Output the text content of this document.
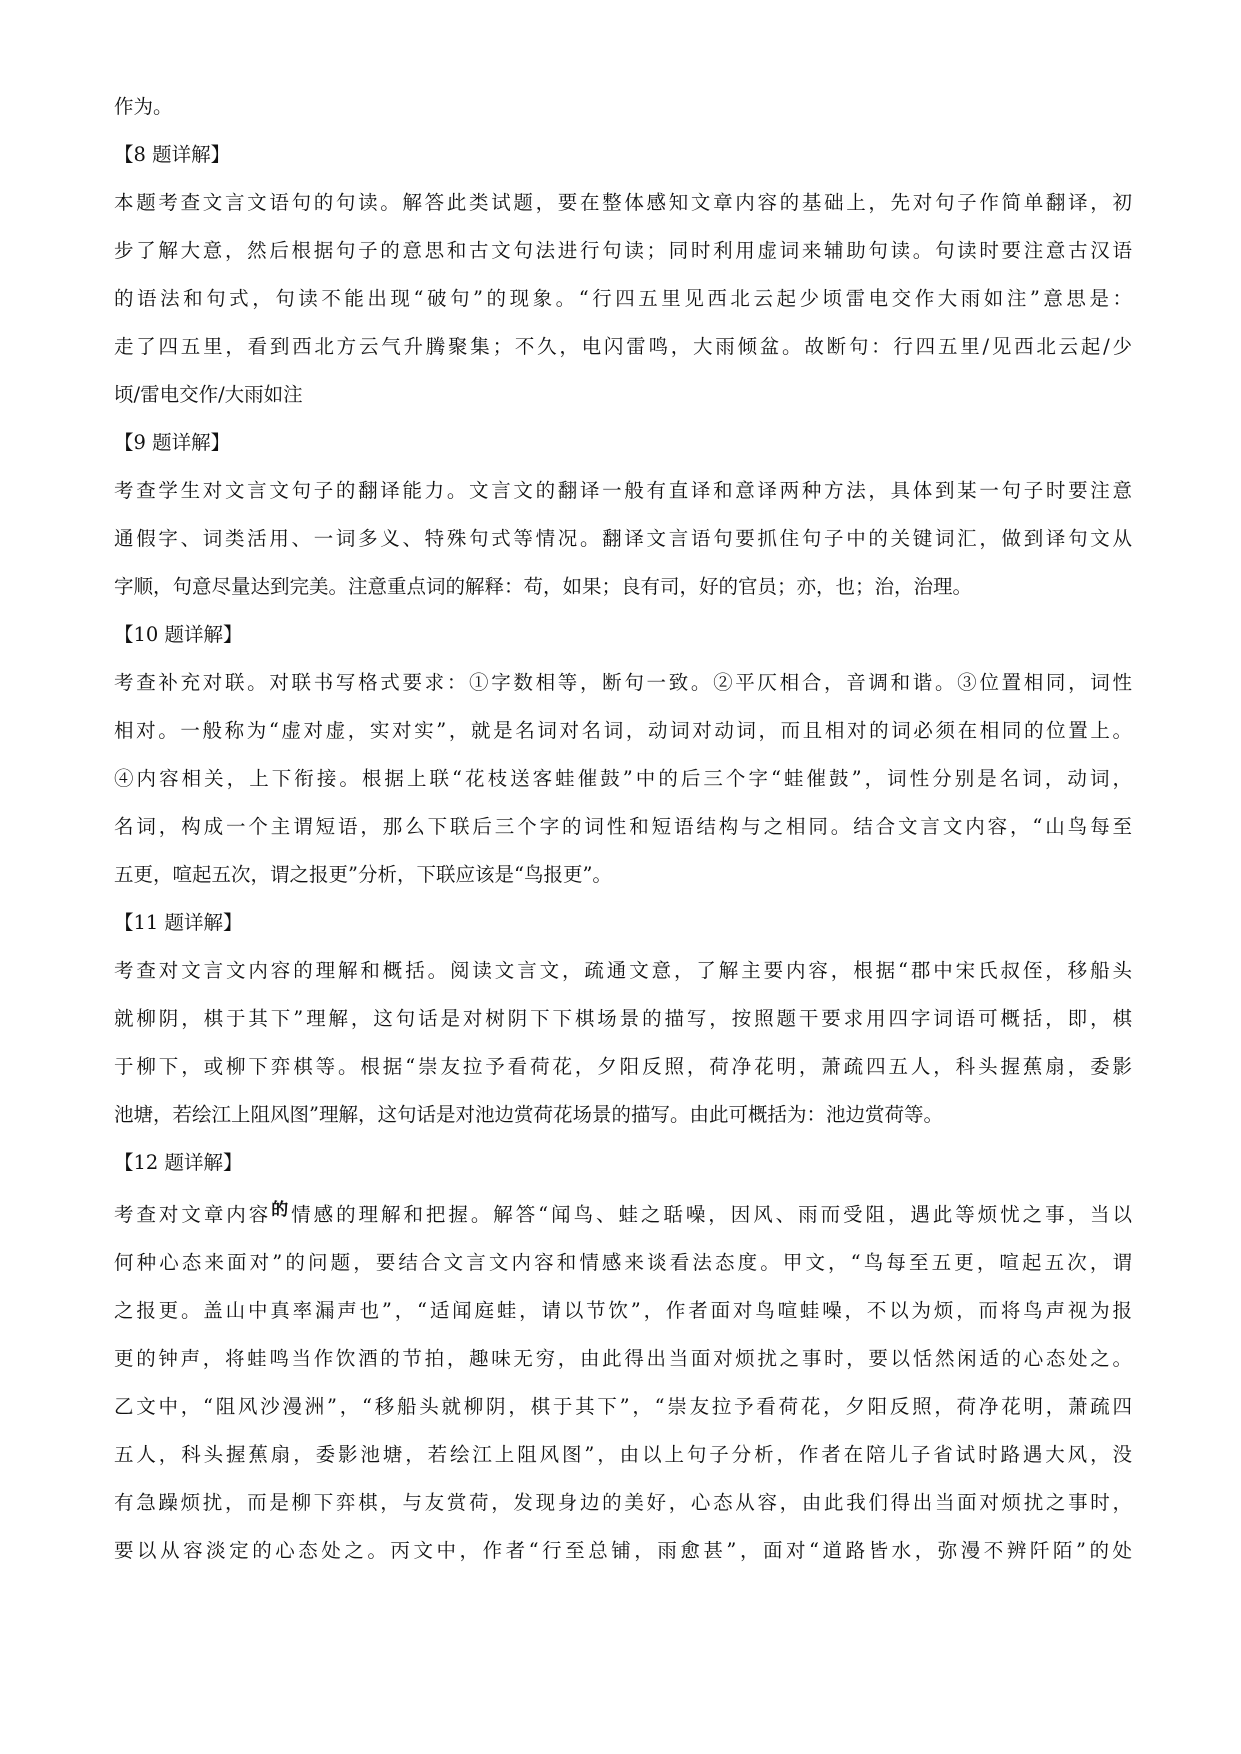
作为。
【8 题详解】
本题考查文言文语句的句读。解答此类试题，要在整体感知文章内容的基础上，先对句子作简单翻译，初
步了解大意，然后根据句子的意思和古文句法进行句读；同时利用虚词来辅助句读。句读时要注意古汉语
的语法和句式，句读不能出现“破句”的现象。“行四五里见西北云起少顷雷电交作大雨如注”意思是：
走了四五里，看到西北方云气升腾聚集；不久，电闪雷鸣，大雨倾盆。故断句：行四五里/见西北云起/少
顷/雷电交作/大雨如注
【9 题详解】
考查学生对文言文句子的翻译能力。文言文的翻译一般有直译和意译两种方法，具体到某一句子时要注意
通假字、词类活用、一词多义、特殊句式等情况。翻译文言语句要抓住句子中的关键词汇，做到译句文从
字顺，句意尽量达到完美。注意重点词的解释：苟，如果；良有司，好的官员；亦，也；治，治理。
【10 题详解】
考查补充对联。对联书写格式要求：①字数相等，断句一致。②平仄相合，音调和谐。③位置相同，词性
相对。一般称为“虚对虚，实对实”，就是名词对名词，动词对动词，而且相对的词必须在相同的位置上。
④内容相关，上下衔接。根据上联“花枝送客蛙催鼓”中的后三个字“蛙催鼓”，词性分别是名词，动词，
名词，构成一个主谓短语，那么下联后三个字的词性和短语结构与之相同。结合文言文内容，“山鸟每至
五更，喧起五次，谓之报更”分析，下联应该是“鸟报更”。
【11 题详解】
考查对文言文内容的理解和概括。阅读文言文，疏通文意，了解主要内容，根据“郡中宋氏叔侄，移船头
就柳阴，棋于其下”理解，这句话是对树阴下下棋场景的描写，按照题干要求用四字词语可概括，即，棋
于柳下，或柳下弈棋等。根据“崇友拉予看荷花，夕阳反照，荷净花明，萧疏四五人，科头握蕉扇，委影
池塘，若绘江上阻风图”理解，这句话是对池边赏荷花场景的描写。由此可概括为：池边赏荷等。
【12 题详解】
考查对文章内容的情感的理解和把握。解答“闻鸟、蛙之聒噪，因风、雨而受阻，遇此等烦忧之事，当以
何种心态来面对”的问题，要结合文言文内容和情感来谈看法态度。甲文，“鸟每至五更，喧起五次，谓
之报更。盖山中真率漏声也”，“适闻庭蛙，请以节饮”，作者面对鸟喧蛙噪，不以为烦，而将鸟声视为报
更的钟声，将蛙鸣当作饮酒的节拍，趣味无穷，由此得出当面对烦扰之事时，要以恬然闲适的心态处之。
乙文中，“阻风沙漫洲”，“移船头就柳阴，棋于其下”，“崇友拉予看荷花，夕阳反照，荷净花明，萧疏四
五人，科头握蕉扇，委影池塘，若绘江上阻风图”，由以上句子分析，作者在陪儿子省试时路遇大风，没
有急躁烦扰，而是柳下弈棋，与友赏荷，发现身边的美好，心态从容，由此我们得出当面对烦扰之事时，
要以从容淡定的心态处之。丙文中，作者“行至总铺，雨愈甚”，面对“道路皆水，弥漫不辨阡陌”的处
